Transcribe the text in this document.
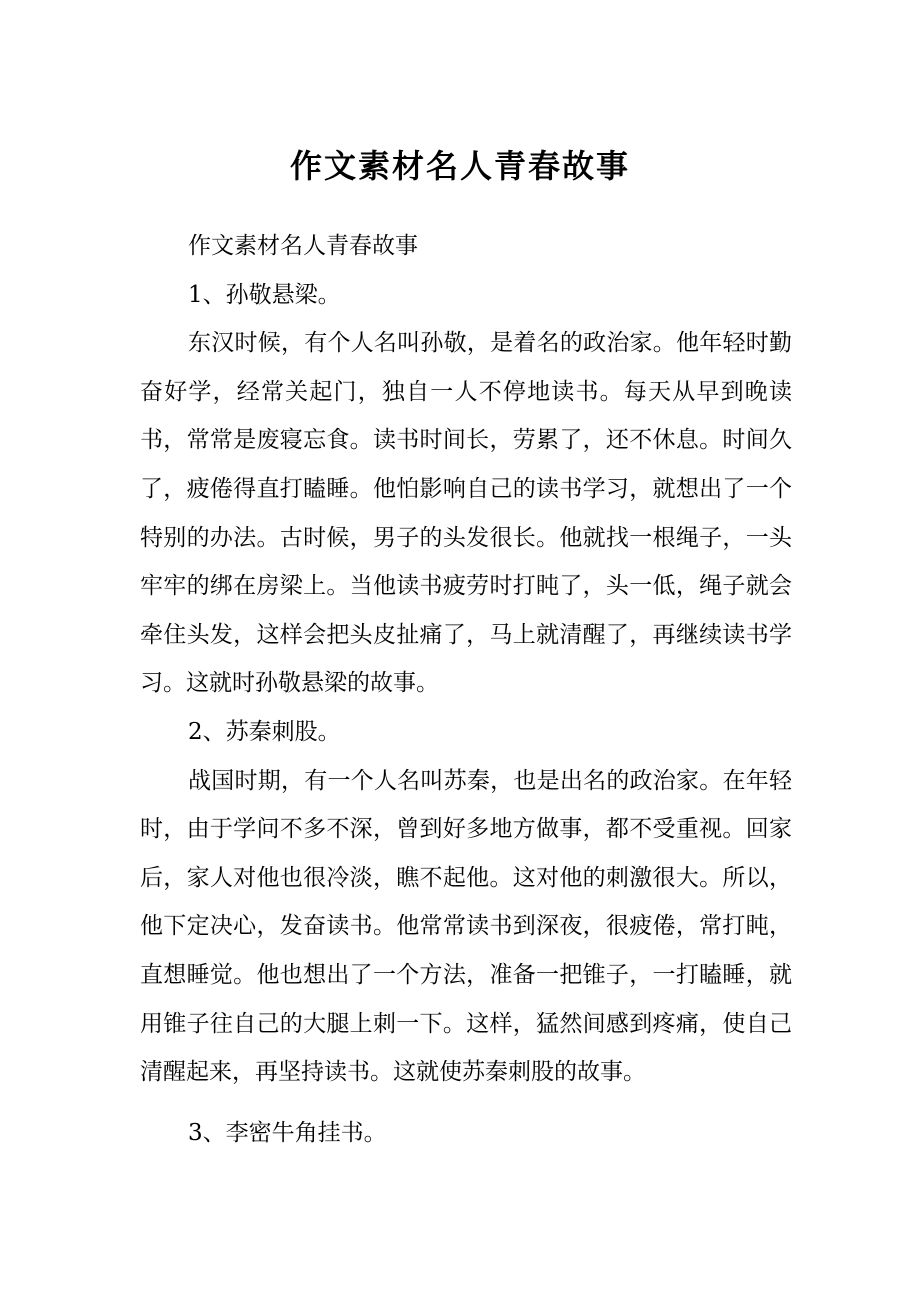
作文素材名人青春故事

作文素材名人青春故事

1、孙敬悬梁。

东汉时候，有个人名叫孙敬，是着名的政治家。他年轻时勤奋好学，经常关起门，独自一人不停地读书。每天从早到晚读书，常常是废寝忘食。读书时间长，劳累了，还不休息。时间久了，疲倦得直打瞌睡。他怕影响自己的读书学习，就想出了一个特别的办法。古时候，男子的头发很长。他就找一根绳子，一头牢牢的绑在房梁上。当他读书疲劳时打盹了，头一低，绳子就会牵住头发，这样会把头皮扯痛了，马上就清醒了，再继续读书学习。这就时孙敬悬梁的故事。

2、苏秦刺股。

战国时期，有一个人名叫苏秦，也是出名的政治家。在年轻时，由于学问不多不深，曾到好多地方做事，都不受重视。回家后，家人对他也很冷淡，瞧不起他。这对他的刺激很大。所以，他下定决心，发奋读书。他常常读书到深夜，很疲倦，常打盹，直想睡觉。他也想出了一个方法，准备一把锥子，一打瞌睡，就用锥子往自己的大腿上刺一下。这样，猛然间感到疼痛，使自己清醒起来，再坚持读书。这就使苏秦刺股的故事。

3、李密牛角挂书。
